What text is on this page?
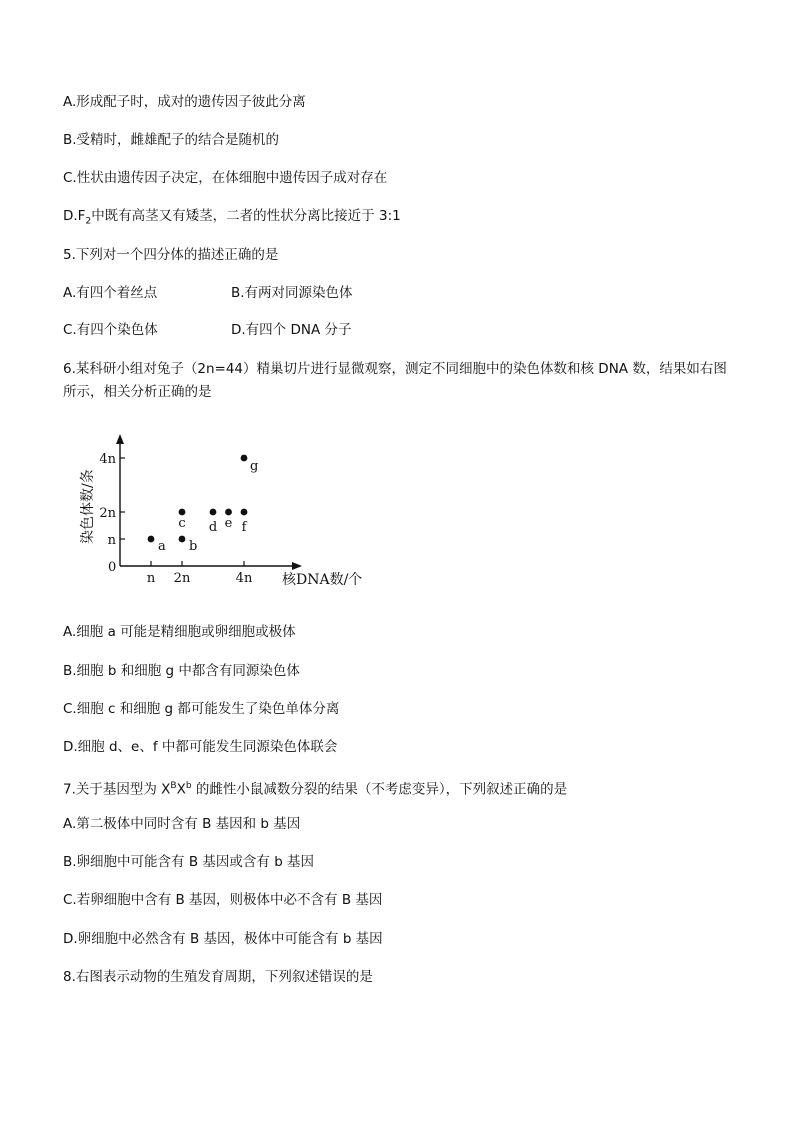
A.形成配子时，成对的遗传因子彼此分离
B.受精时，雌雄配子的结合是随机的
C.性状由遗传因子决定，在体细胞中遗传因子成对存在
$D.F_2$中既有高茎又有矮茎，二者的性状分离比接近于 3:1
5.下列对一个四分体的描述正确的是
A.有四个着丝点	B.有两对同源染色体
C.有四个染色体	D.有四个 DNA 分子
6.某科研小组对兔子（2n=44）精巢切片进行显微观察，测定不同细胞中的染色体数和核 DNA 数，结果如右图所示，相关分析正确的是
0
n
2n
4n
n 2n	4n
a b
c d e f
g
染色体数/条
核DNA数/个
A.细胞 a 可能是精细胞或卵细胞或极体
B.细胞 b 和细胞 g 中都含有同源染色体
C.细胞 c 和细胞 g 都可能发生了染色单体分离
D.细胞 d、e、f 中都可能发生同源染色体联会
7.关于基因型为 $X^BX^b$ 的雌性小鼠减数分裂的结果（不考虑变异），下列叙述正确的是
A.第二极体中同时含有 B 基因和 b 基因
B.卵细胞中可能含有 B 基因或含有 b 基因
C.若卵细胞中含有 B 基因，则极体中必不含有 B 基因
D.卵细胞中必然含有 B 基因，极体中可能含有 b 基因
8.右图表示动物的生殖发育周期，下列叙述错误的是
